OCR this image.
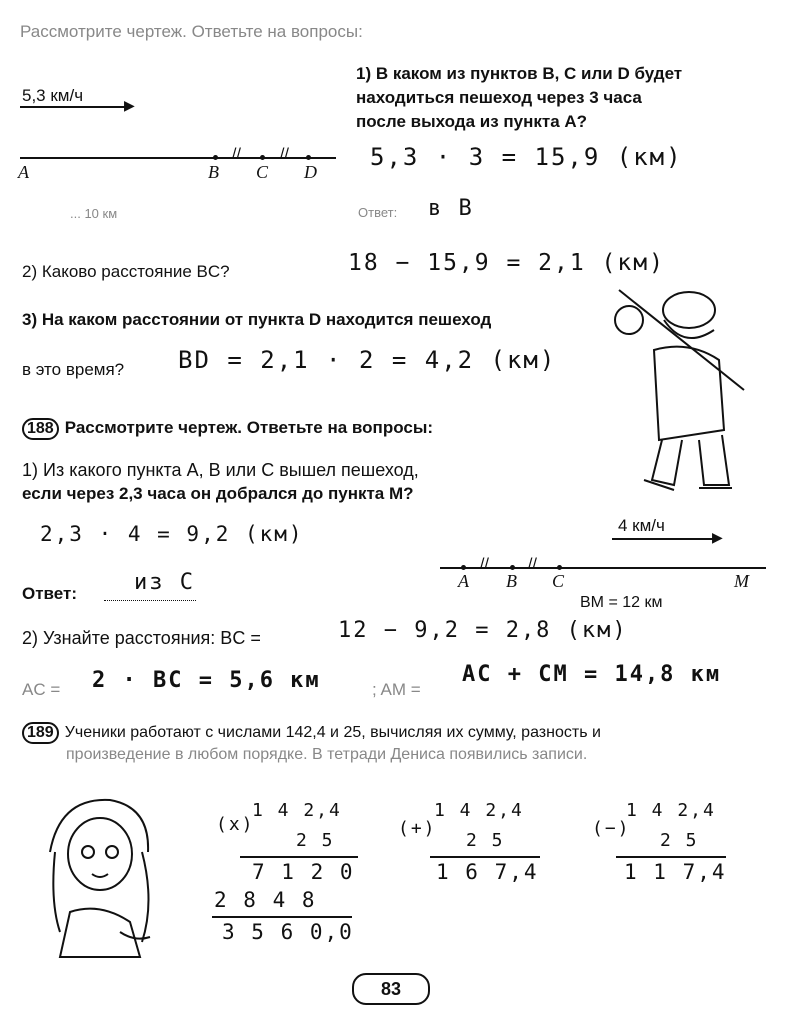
Рассмотрите чертеж. Ответьте на вопросы:
5,3 км/ч	▶
// //
A	B C D
... 10 км
1) В каком из пунктов B, C или D будет
находиться пешеход через 3 часа
после выхода из пункта A?
5,3 · 3 = 15,9 (км)
Ответ: в B
2) Каково расстояние BC?	18 − 15,9 = 2,1 (км)
3) На каком расстоянии от пункта D находится пешеход
в это время? BD = 2,1 · 2 = 4,2 (км)
188 Рассмотрите чертеж. Ответьте на вопросы:
1) Из какого пункта A, B или C вышел пешеход,
если через 2,3 часа он добрался до пункта M?
2,3 · 4 = 9,2 (км)	4 км/ч
▶
// //
A B C	M
BM = 12 км
Ответ:	из C
2) Узнайте расстояния: BC =	12 − 9,2 = 2,8 (км)
AC = 2 · BC = 5,6 км	; AM =
AC + CM = 14,8 км
189 Ученики работают с числами 142,4 и 25, вычисляя их сумму, разность и
произведение в любом порядке. В тетради Дениса появились записи.
(x)
1 4 2,4
2 5
7 1 2 0
2 8 4 8
3 5 6 0,0
(+)
1 4 2,4
2 5
1 6 7,4
(−)
1 4 2,4
2 5
1 1 7,4
83
